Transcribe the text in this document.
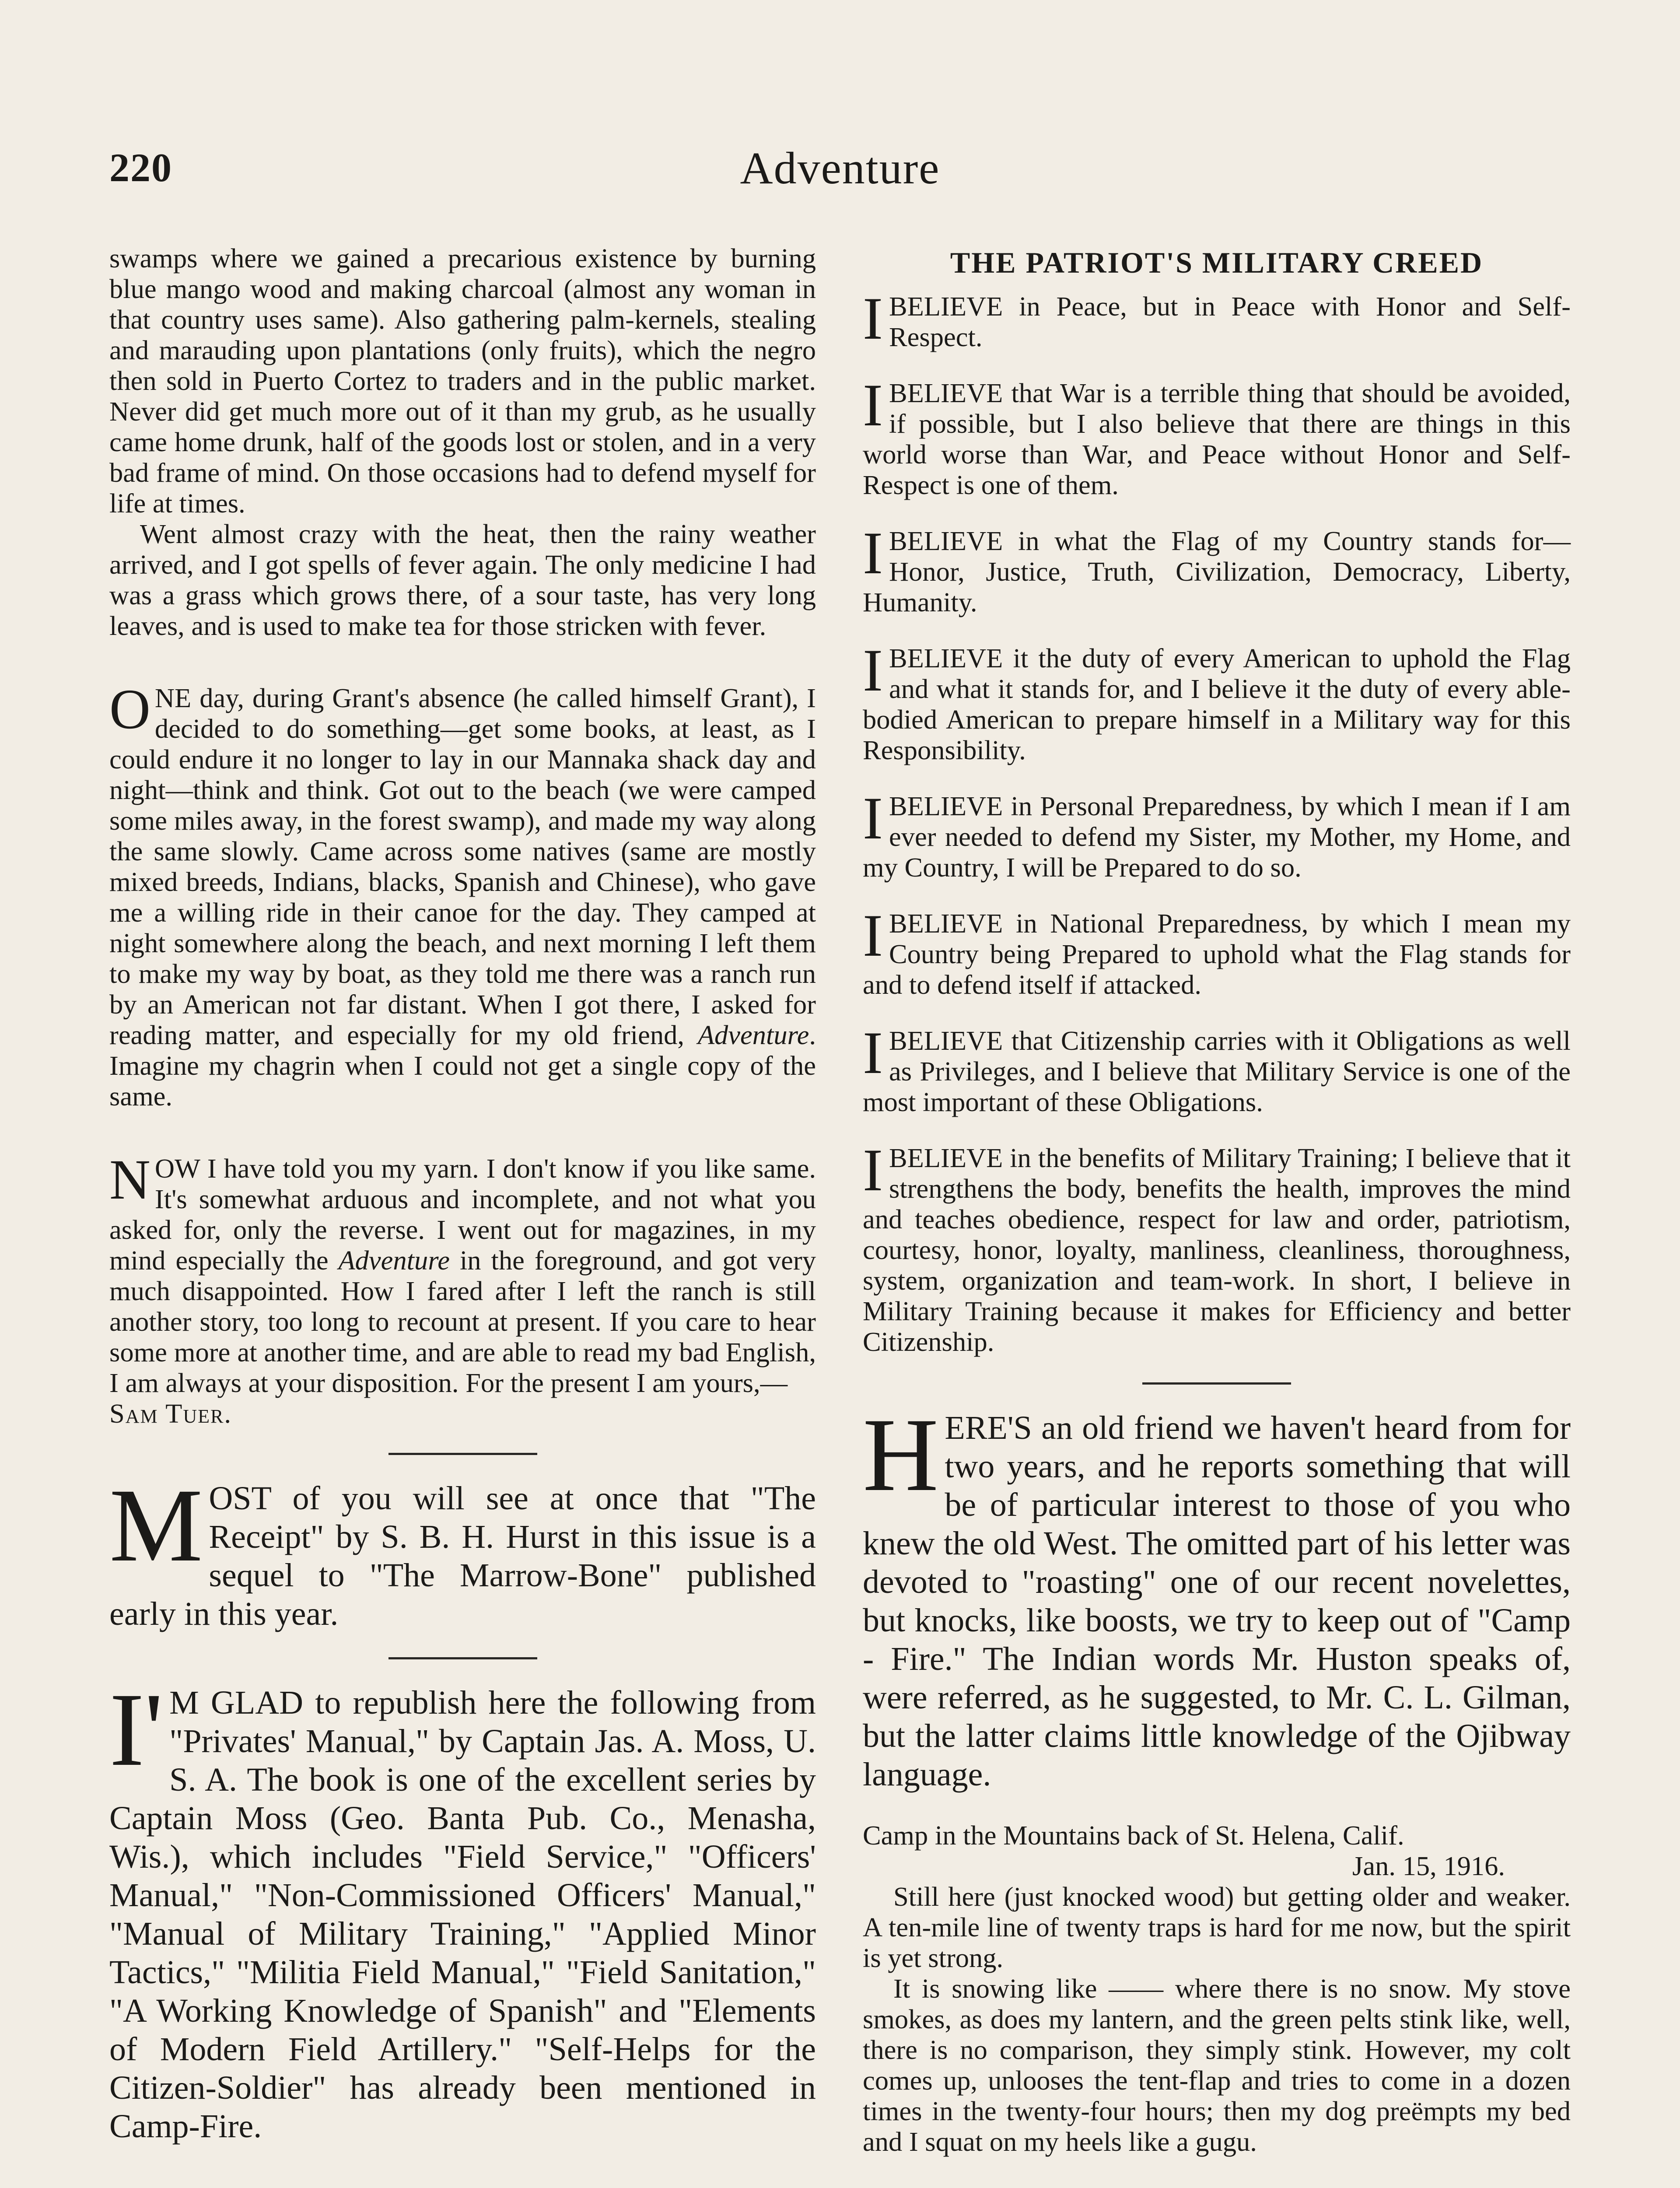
220	Adventure

swamps where we gained a precarious existence by burning blue mango wood and making charcoal (almost any woman in that country uses same). Also gathering palm-kernels, stealing and marauding upon plantations (only fruits), which the negro then sold in Puerto Cortez to traders and in the public market. Never did get much more out of it than my grub, as he usually came home drunk, half of the goods lost or stolen, and in a very bad frame of mind. On those occasions had to defend myself for life at times.

Went almost crazy with the heat, then the rainy weather arrived, and I got spells of fever again. The only medicine I had was a grass which grows there, of a sour taste, has very long leaves, and is used to make tea for those stricken with fever.

ONE day, during Grant's absence (he called himself Grant), I decided to do something—get some books, at least, as I could endure it no longer to lay in our Mannaka shack day and night—think and think. Got out to the beach (we were camped some miles away, in the forest swamp), and made my way along the same slowly. Came across some natives (same are mostly mixed breeds, Indians, blacks, Spanish and Chinese), who gave me a willing ride in their canoe for the day. They camped at night somewhere along the beach, and next morning I left them to make my way by boat, as they told me there was a ranch run by an American not far distant. When I got there, I asked for reading matter, and especially for my old friend, Adventure. Imagine my chagrin when I could not get a single copy of the same.

NOW I have told you my yarn. I don't know if you like same. It's somewhat arduous and incomplete, and not what you asked for, only the reverse. I went out for magazines, in my mind especially the Adventure in the foreground, and got very much disappointed. How I fared after I left the ranch is still another story, too long to recount at present. If you care to hear some more at another time, and are able to read my bad English, I am always at your disposition. For the present I am yours,—
Sam Tuer.

MOST of you will see at once that "The Receipt" by S. B. H. Hurst in this issue is a sequel to "The Marrow-Bone" published early in this year.

I'M GLAD to republish here the following from "Privates' Manual," by Captain Jas. A. Moss, U. S. A. The book is one of the excellent series by Captain Moss (Geo. Banta Pub. Co., Menasha, Wis.), which includes "Field Service," "Officers' Manual," "Non-Commissioned Officers' Manual," "Manual of Military Training," "Applied Minor Tactics," "Militia Field Manual," "Field Sanitation," "A Working Knowledge of Spanish" and "Elements of Modern Field Artillery." "Self-Helps for the Citizen-Soldier" has already been mentioned in Camp-Fire.

THE PATRIOT'S MILITARY CREED

IBELIEVE in Peace, but in Peace with Honor and Self-Respect.

IBELIEVE that War is a terrible thing that should be avoided, if possible, but I also believe that there are things in this world worse than War, and Peace without Honor and Self-Respect is one of them.

IBELIEVE in what the Flag of my Country stands for—Honor, Justice, Truth, Civilization, Democracy, Liberty, Humanity.

IBELIEVE it the duty of every American to uphold the Flag and what it stands for, and I believe it the duty of every able-bodied American to prepare himself in a Military way for this Responsibility.

IBELIEVE in Personal Preparedness, by which I mean if I am ever needed to defend my Sister, my Mother, my Home, and my Country, I will be Prepared to do so.

IBELIEVE in National Preparedness, by which I mean my Country being Prepared to uphold what the Flag stands for and to defend itself if attacked.

IBELIEVE that Citizenship carries with it Obligations as well as Privileges, and I believe that Military Service is one of the most important of these Obligations.

IBELIEVE in the benefits of Military Training; I believe that it strengthens the body, benefits the health, improves the mind and teaches obedience, respect for law and order, patriotism, courtesy, honor, loyalty, manliness, cleanliness, thoroughness, system, organization and team-work. In short, I believe in Military Training because it makes for Efficiency and better Citizenship.

HERE'S an old friend we haven't heard from for two years, and he reports something that will be of particular interest to those of you who knew the old West. The omitted part of his letter was devoted to "roasting" one of our recent novelettes, but knocks, like boosts, we try to keep out of "Camp - Fire." The Indian words Mr. Huston speaks of, were referred, as he suggested, to Mr. C. L. Gilman, but the latter claims little knowledge of the Ojibway language.

Camp in the Mountains back of St. Helena, Calif.

Jan. 15, 1916.

Still here (just knocked wood) but getting older and weaker. A ten-mile line of twenty traps is hard for me now, but the spirit is yet strong.

It is snowing like —— where there is no snow. My stove smokes, as does my lantern, and the green pelts stink like, well, there is no comparison, they simply stink. However, my colt comes up, unlooses the tent-flap and tries to come in a dozen times in the twenty-four hours; then my dog preëmpts my bed and I squat on my heels like a gugu.
